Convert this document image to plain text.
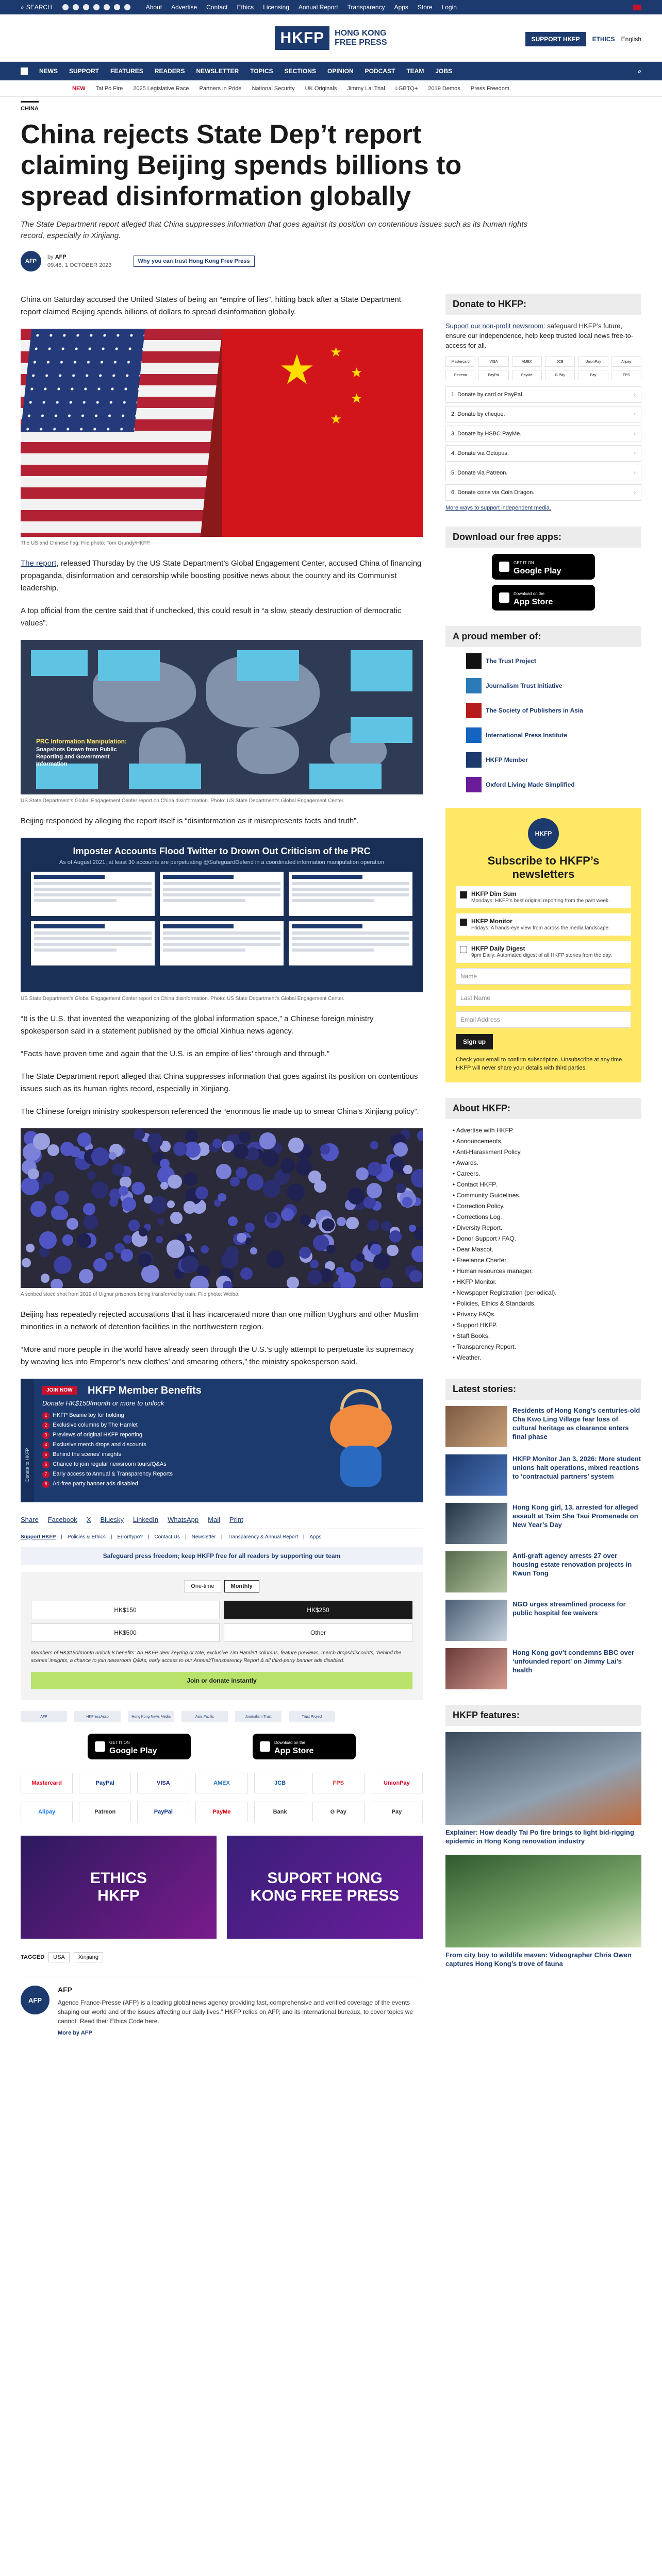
⌕ SEARCH	About Advertise Contact Ethics Licensing Annual Report Transparency Apps Store Login
HKFP	HONG KONG
FREE PRESS	SUPPORT HKFP	ETHICS English
NEWS SUPPORT FEATURES READERS NEWSLETTER TOPICS SECTIONS OPINION PODCAST TEAM JOBS	⌕
NEW Tai Po Fire 2025 Legislative Race Partners in Pride National Security UK Originals Jimmy Lai Trial LGBTQ+ 2019 Demos Press Freedom
CHINA
China rejects State Dep’t report claiming Beijing spends billions to spread disinformation globally

The State Department report alleged that China suppresses information that goes against its position on contentious issues such as its human rights record, especially in Xinjiang.

AFP
by AFP
09:48, 1 OCTOBER 2023
Why you can trust Hong Kong Free Press

China on Saturday accused the United States of being an “empire of lies”, hitting back after a State Department report claimed Beijing spends billions of dollars to spread disinformation globally.

★ ★
★
★
★
The US and Chinese flag. File photo: Tom Grundy/HKFP.

The report, released Thursday by the US State Department’s Global Engagement Center, accused China of financing propaganda, disinformation and censorship while boosting positive news about the country and its Communist leadership.

A top official from the centre said that if unchecked, this could result in “a slow, steady destruction of democratic values”.

PRC Information Manipulation:
Snapshots Drawn from Public Reporting and Government Information
US State Department’s Global Engagement Center report on China disinformation. Photo: US State Department’s Global Engagement Center.

Beijing responded by alleging the report itself is “disinformation as it misrepresents facts and truth”.

Imposter Accounts Flood Twitter to Drown Out Criticism of the PRC
As of August 2021, at least 30 accounts are perpetuating @SafeguardDefend in a coordinated information manipulation operation
US State Department’s Global Engagement Center report on China disinformation. Photo: US State Department’s Global Engagement Center.

“It is the U.S. that invented the weaponizing of the global information space,” a Chinese foreign ministry spokesperson said in a statement published by the official Xinhua news agency.

“Facts have proven time and again that the U.S. is an empire of lies’ through and through.”

The State Department report alleged that China suppresses information that goes against its position on contentious issues such as its human rights record, especially in Xinjiang.

The Chinese foreign ministry spokesperson referenced the “enormous lie made up to smear China’s Xinjiang policy”.

A scribed stoce shot from 2019 of Uighur prisoners being transferred by train. File photo: Weibo.

Beijing has repeatedly rejected accusations that it has incarcerated more than one million Uyghurs and other Muslim minorities in a network of detention facilities in the northwestern region.

“More and more people in the world have already seen through the U.S.’s ugly attempt to perpetuate its supremacy by weaving lies into Emperor’s new clothes’ and smearing others,” the ministry spokesperson said.

Donate to HKFP
JOIN NOW	HKFP Member Benefits
Donate HK$150/month or more to unlock
1 HKFP Beanie toy for holding
2 Exclusive columns by The Hamlet
3 Previews of original HKFP reporting
4 Exclusive merch drops and discounts
5 Behind the scenes' insights
6 Chance to join regular newsroom tours/Q&As
7 Early access to Annual & Transparency Reports
8 Ad-free party banner ads disabled
Share Facebook X Bluesky LinkedIn WhatsApp Mail Print
Support HKFP | Policies & Ethics | Error/typo? | Contact Us | Newsletter | Transparency & Annual Report | Apps
Safeguard press freedom; keep HKFP free for all readers by supporting our team
One-time	Monthly
HK$150	HK$250
HK$500	Other
Members of HK$150/month unlock 8 benefits: An HKFP deer keyring or tote, exclusive Tim Hamlett columns, feature previews, merch drops/discounts, ‘behind the scenes’ insights, a chance to join newsroom Q&As, early access to our Annual/Transparency Report & all third-party banner ads disabled.
Join or donate instantly
AFP	HKPressAsso	Hong Kong News Media	Asia Pacific	Journalism Trust	Trust Project
GET IT ON
Google Play
Download on the
App Store
Mastercard	PayPal	VISA	AMEX	JCB	FPS	UnionPay
Alipay	Patreon	PayPal	PayMe	Bank	G Pay	Pay
ETHICS
HKFP
SUPORT HONG
KONG FREE PRESS
TAGGED	USA	Xinjiang
AFP
AFP
Agence France-Presse (AFP) is a leading global news agency providing fast, comprehensive and verified coverage of the events shaping our world and of the issues affecting our daily lives.” HKFP relies on AFP, and its international bureaux, to cover topics we cannot. Read their Ethics Code here.
More by AFP
Donate to HKFP:
Support our non-profit newsroom: safeguard HKFP’s future, ensure our independence, help keep trusted local news free-to-access for all.
Mastercard	VISA	AMEX	JCB	UnionPay	Alipay
Patreon	PayPal	PayMe	G Pay	Pay	FPS
1. Donate by card or PayPal.	›
2. Donate by cheque.	›
3. Donate by HSBC PayMe.	›
4. Donate via Octopus.	›
5. Donate via Patreon.	›
6. Donate coins via Coin Dragon.	›
More ways to support independent media.
Download our free apps:
GET IT ON
Google Play
Download on the
App Store
A proud member of:
The Trust Project
Journalism Trust Initiative
The Society of Publishers in Asia
International Press Institute
HKFP Member
Oxford Living Made Simplified
HKFP
Subscribe to HKFP’s newsletters
HKFP Dim Sum
Mondays: HKFP’s best original reporting from the past week.
HKFP Monitor
Fridays: A hands-eye view from across the media landscape.
HKFP Daily Digest
9pm Daily: Automated digest of all HKFP stories from the day.
Name
Last Name
Email Address
Sign up
Check your email to confirm subscription. Unsubscribe at any time. HKFP will never share your details with third parties.
About HKFP:
• Advertise with HKFP.
• Announcements.
• Anti-Harassment Policy.
• Awards.
• Careers.
• Contact HKFP.
• Community Guidelines.
• Correction Policy.
• Corrections Log.
• Diversity Report.
• Donor Support / FAQ.
• Dear Mascot.
• Freelance Charter.
• Human resources manager.
• HKFP Monitor.
• Newspaper Registration (periodical).
• Policies, Ethics & Standards.
• Privacy FAQs.
• Support HKFP.
• Staff Books.
• Transparency Report.
• Weather.
Latest stories:
Residents of Hong Kong’s centuries-old Cha Kwo Ling Village fear loss of cultural heritage as clearance enters final phase
HKFP Monitor Jan 3, 2026: More student unions halt operations, mixed reactions to ‘contractual partners’ system
Hong Kong girl, 13, arrested for alleged assault at Tsim Sha Tsui Promenade on New Year’s Day
Anti-graft agency arrests 27 over housing estate renovation projects in Kwun Tong
NGO urges streamlined process for public hospital fee waivers
Hong Kong gov’t condemns BBC over ‘unfounded report’ on Jimmy Lai’s health
HKFP features:
Explainer: How deadly Tai Po fire brings to light bid-rigging epidemic in Hong Kong renovation industry
From city boy to wildlife maven: Videographer Chris Owen captures Hong Kong’s trove of fauna
